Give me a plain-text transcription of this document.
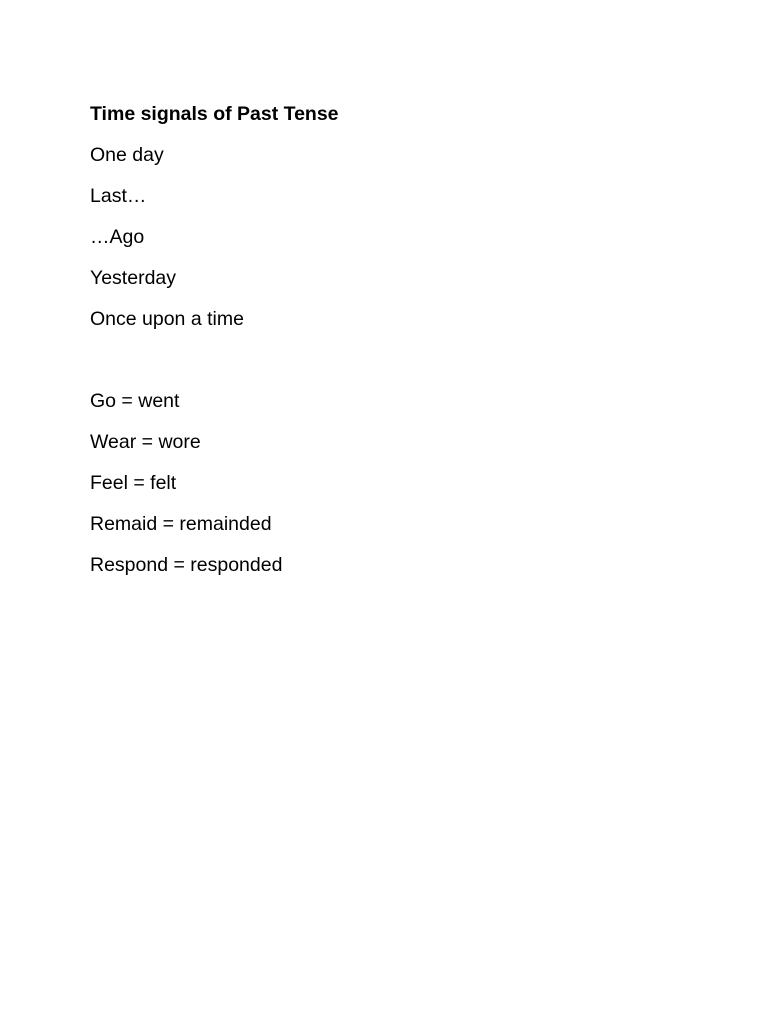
Time signals of Past Tense
One day
Last…
…Ago
Yesterday
Once upon a time
Go = went
Wear = wore
Feel = felt
Remaid = remainded
Respond = responded
